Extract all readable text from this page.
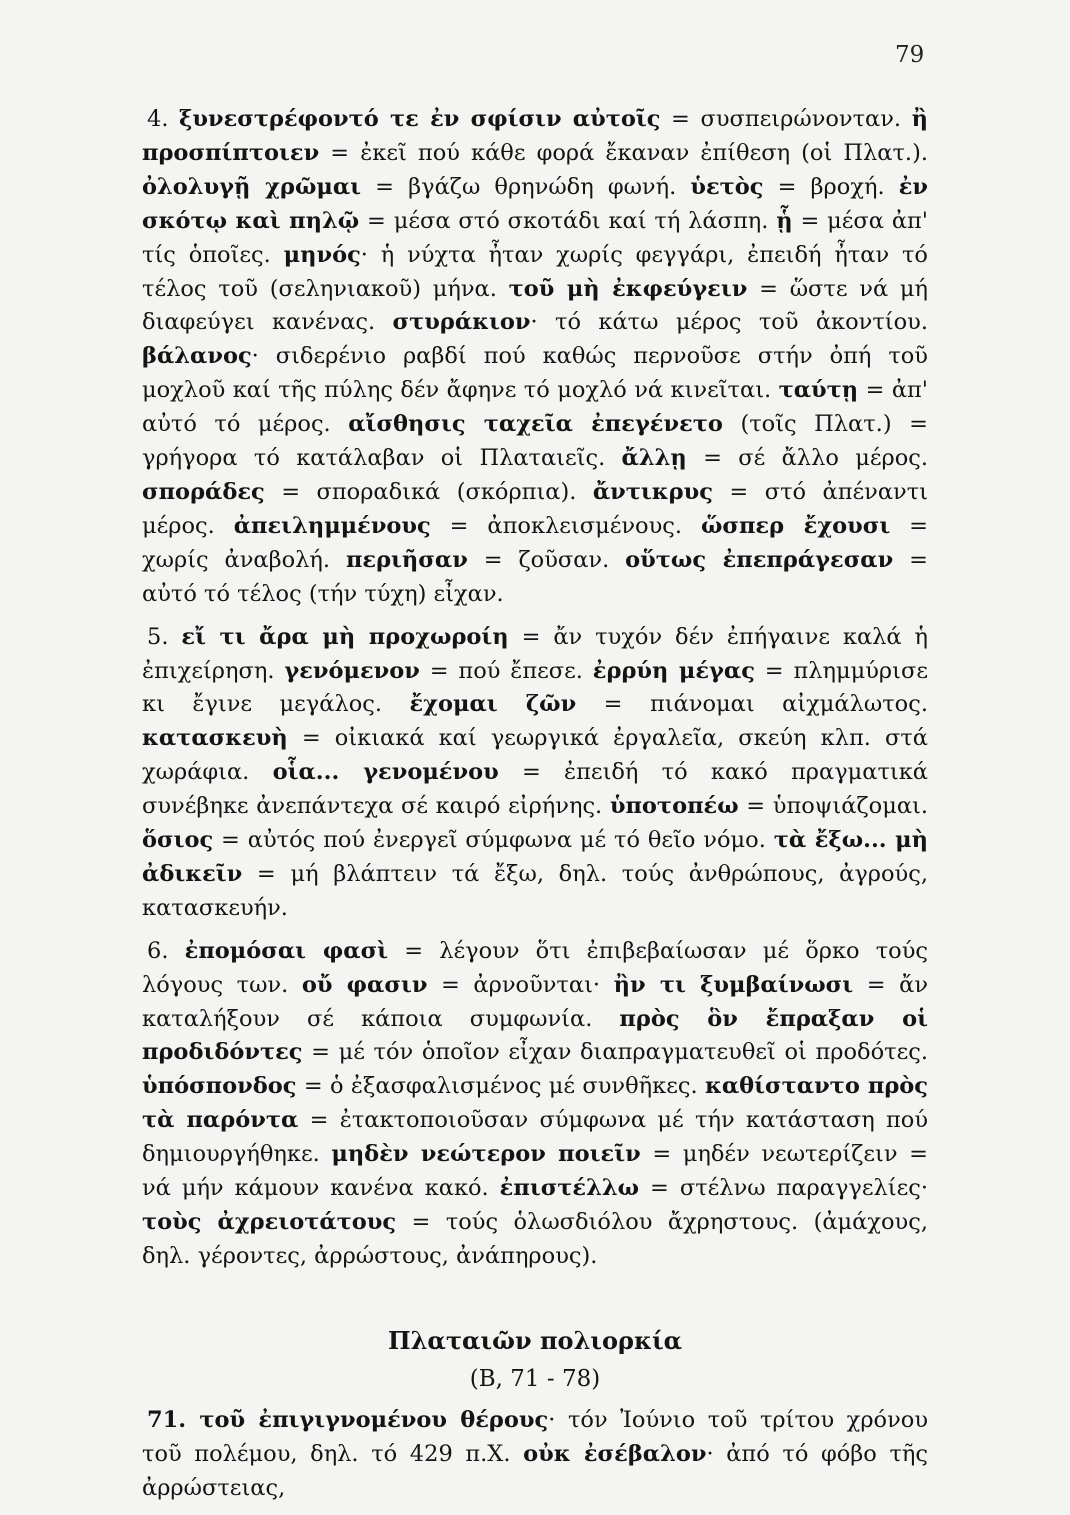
79

4. ξυνεστρέφοντό τε ἐν σφίσιν αὐτοῖς = συσπειρώνονταν. ἢ προσπίπτοιεν = ἐκεῖ πού κάθε φορά ἔκαναν ἐπίθεση (οἱ Πλατ.). ὀλολυγῇ χρῶμαι = βγάζω θρηνώδη φωνή. ὑετὸς = βροχή. ἐν σκότῳ καὶ πηλῷ = μέσα στό σκοτάδι καί τή λάσπη. ᾗ = μέσα ἀπ' τίς ὁποῖες. μηνός· ἡ νύχτα ἦταν χωρίς φεγγάρι, ἐπειδή ἦταν τό τέλος τοῦ (σεληνιακοῦ) μήνα. τοῦ μὴ ἐκφεύγειν = ὥστε νά μή διαφεύγει κανένας. στυράκιον· τό κάτω μέρος τοῦ ἀκοντίου. βάλανος· σιδερένιο ραβδί πού καθώς περνοῦσε στήν ὀπή τοῦ μοχλοῦ καί τῆς πύλης δέν ἄφηνε τό μοχλό νά κινεῖται. ταύτῃ = ἀπ' αὐτό τό μέρος. αἴσθησις ταχεῖα ἐπεγένετο (τοῖς Πλατ.) = γρήγορα τό κατάλαβαν οἱ Πλαταιεῖς. ἄλλῃ = σέ ἄλλο μέρος. σποράδες = σποραδικά (σκόρπια). ἄντικρυς = στό ἀπέναντι μέρος. ἀπειλημμένους = ἀποκλεισμένους. ὥσπερ ἔχουσι = χωρίς ἀναβολή. περιῆσαν = ζοῦσαν. οὕτως ἐπεπράγεσαν = αὐτό τό τέλος (τήν τύχη) εἶχαν.

5. εἴ τι ἄρα μὴ προχωροίη = ἄν τυχόν δέν ἐπήγαινε καλά ἡ ἐπιχείρηση. γενόμενον = πού ἔπεσε. ἐρρύη μέγας = πλημμύρισε κι ἔγινε μεγάλος. ἔχομαι ζῶν = πιάνομαι αἰχμάλωτος. κατασκευὴ = οἰκιακά καί γεωργικά ἐργαλεῖα, σκεύη κλπ. στά χωράφια. οἷα... γενομένου = ἐπειδή τό κακό πραγματικά συνέβηκε ἀνεπάντεχα σέ καιρό εἰρήνης. ὑποτοπέω = ὑποψιάζομαι. ὅσιος = αὐτός πού ἐνεργεῖ σύμφωνα μέ τό θεῖο νόμο. τὰ ἔξω... μὴ ἀδικεῖν = μή βλάπτειν τά ἔξω, δηλ. τούς ἀνθρώπους, ἀγρούς, κατασκευήν.

6. ἐπομόσαι φασὶ = λέγουν ὅτι ἐπιβεβαίωσαν μέ ὅρκο τούς λόγους των. οὔ φασιν = ἀρνοῦνται· ἢν τι ξυμβαίνωσι = ἄν καταλήξουν σέ κάποια συμφωνία. πρὸς ὃν ἔπραξαν οἱ προδιδόντες = μέ τόν ὁποῖον εἶχαν διαπραγματευθεῖ οἱ προδότες. ὑπόσπονδος = ὁ ἐξασφαλισμένος μέ συνθῆκες. καθίσταντο πρὸς τὰ παρόντα = ἐτακτοποιοῦσαν σύμφωνα μέ τήν κατάσταση πού δημιουργήθηκε. μηδὲν νεώτερον ποιεῖν = μηδέν νεωτερίζειν = νά μήν κάμουν κανένα κακό. ἐπιστέλλω = στέλνω παραγγελίες· τοὺς ἀχρειοτάτους = τούς ὁλωσδιόλου ἄχρηστους. (ἀμάχους, δηλ. γέροντες, ἀρρώστους, ἀνάπηρους).

Πλαταιῶν πολιορκία
(Β, 71 - 78)

71. τοῦ ἐπιγιγνομένου θέρους· τόν Ἰούνιο τοῦ τρίτου χρόνου τοῦ πολέμου, δηλ. τό 429 π.Χ. οὐκ ἐσέβαλον· ἀπό τό φόβο τῆς ἀρρώστειας,
